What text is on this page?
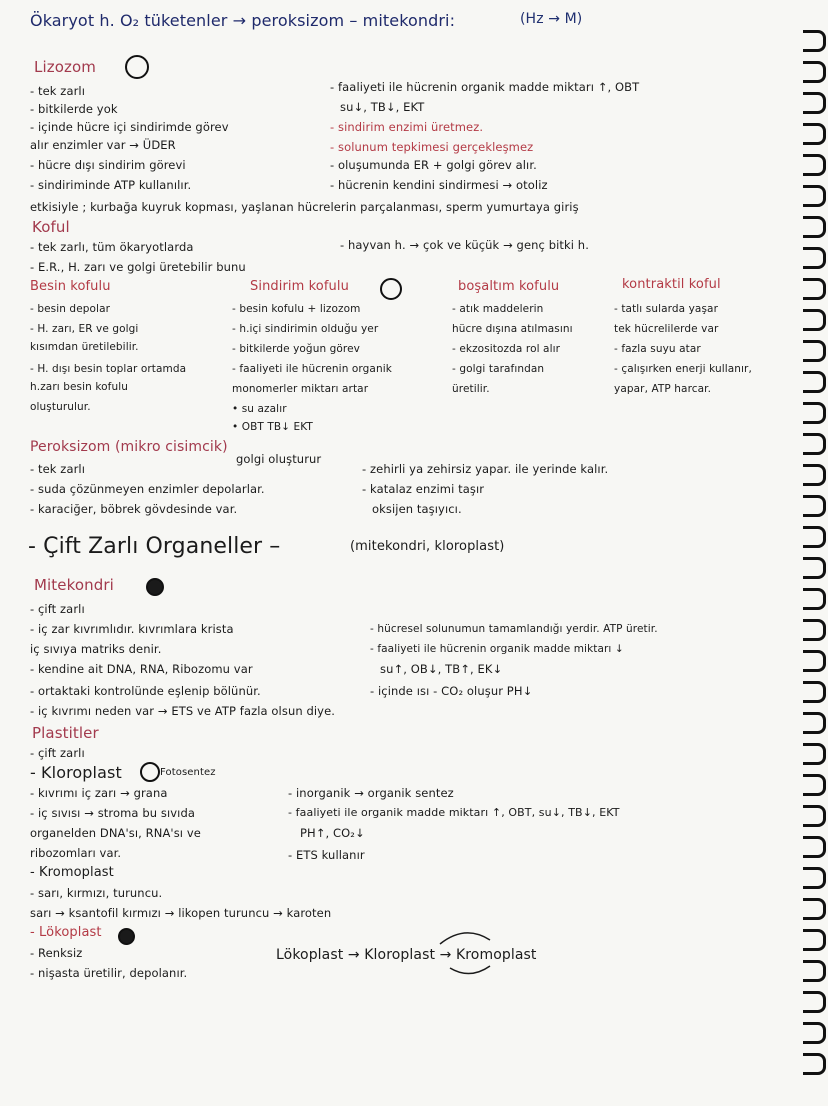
Ökaryot h. O₂ tüketenler → peroksizom – mitekondri:	(Hz → M)
Lizozom
- tek zarlı
- bitkilerde yok
- içinde hücre içi sindirimde görev
alır enzimler var → ÜDER
- hücre dışı sindirim görevi
- sindiriminde ATP kullanılır.
etkisiyle ; kurbağa kuyruk kopması, yaşlanan hücrelerin parçalanması, sperm yumurtaya giriş
- faaliyeti ile hücrenin organik madde miktarı ↑, OBT
su↓, TB↓, EKT
- sindirim enzimi üretmez.
- solunum tepkimesi gerçekleşmez
- oluşumunda ER + golgi görev alır.
- hücrenin kendini sindirmesi → otoliz
Koful
- tek zarlı, tüm ökaryotlarda
- E.R., H. zarı ve golgi üretebilir bunu
- hayvan h. → çok ve küçük → genç bitki h.
Besin kofulu
- besin depolar
- H. zarı, ER ve golgi
kısımdan üretilebilir.
- H. dışı besin toplar ortamda
h.zarı besin kofulu
oluşturulur.
Sindirim kofulu
- besin kofulu + lizozom
- h.içi sindirimin olduğu yer
- bitkilerde yoğun görev
- faaliyeti ile hücrenin organik
monomerler miktarı artar
• su azalır
• OBT TB↓ EKT
boşaltım kofulu
- atık maddelerin
hücre dışına atılmasını
- ekzositozda rol alır
- golgi tarafından
üretilir.
kontraktil koful
- tatlı sularda yaşar
tek hücrelilerde var
- fazla suyu atar
- çalışırken enerji kullanır,
yapar, ATP harcar.
Peroksizom (mikro cisimcik)
golgi oluşturur
- tek zarlı
- suda çözünmeyen enzimler depolarlar.
- karaciğer, böbrek gövdesinde var.
- zehirli ya zehirsiz yapar. ile yerinde kalır.
- katalaz enzimi taşır
oksijen taşıyıcı.
- Çift Zarlı Organeller –	(mitekondri, kloroplast)
Mitekondri
- çift zarlı
- iç zar kıvrımlıdır. kıvrımlara krista
iç sıvıya matriks denir.
- kendine ait DNA, RNA, Ribozomu var
- ortaktaki kontrolünde eşlenip bölünür.
- iç kıvrımı neden var → ETS ve ATP fazla olsun diye.
- hücresel solunumun tamamlandığı yerdir. ATP üretir.
- faaliyeti ile hücrenin organik madde miktarı ↓
su↑, OB↓, TB↑, EK↓
- içinde ısı - CO₂ oluşur PH↓
Plastitler
- çift zarlı
- Kloroplast	Fotosentez
- kıvrımı iç zarı → grana
- iç sıvısı → stroma bu sıvıda
organelden DNA'sı, RNA'sı ve
ribozomları var.
- inorganik → organik sentez
- faaliyeti ile organik madde miktarı ↑, OBT, su↓, TB↓, EKT
PH↑, CO₂↓
- ETS kullanır
- Kromoplast
- sarı, kırmızı, turuncu.
sarı → ksantofil kırmızı → likopen turuncu → karoten
- Lökoplast
- Renksiz
- nişasta üretilir, depolanır.
Lökoplast → Kloroplast → Kromoplast
